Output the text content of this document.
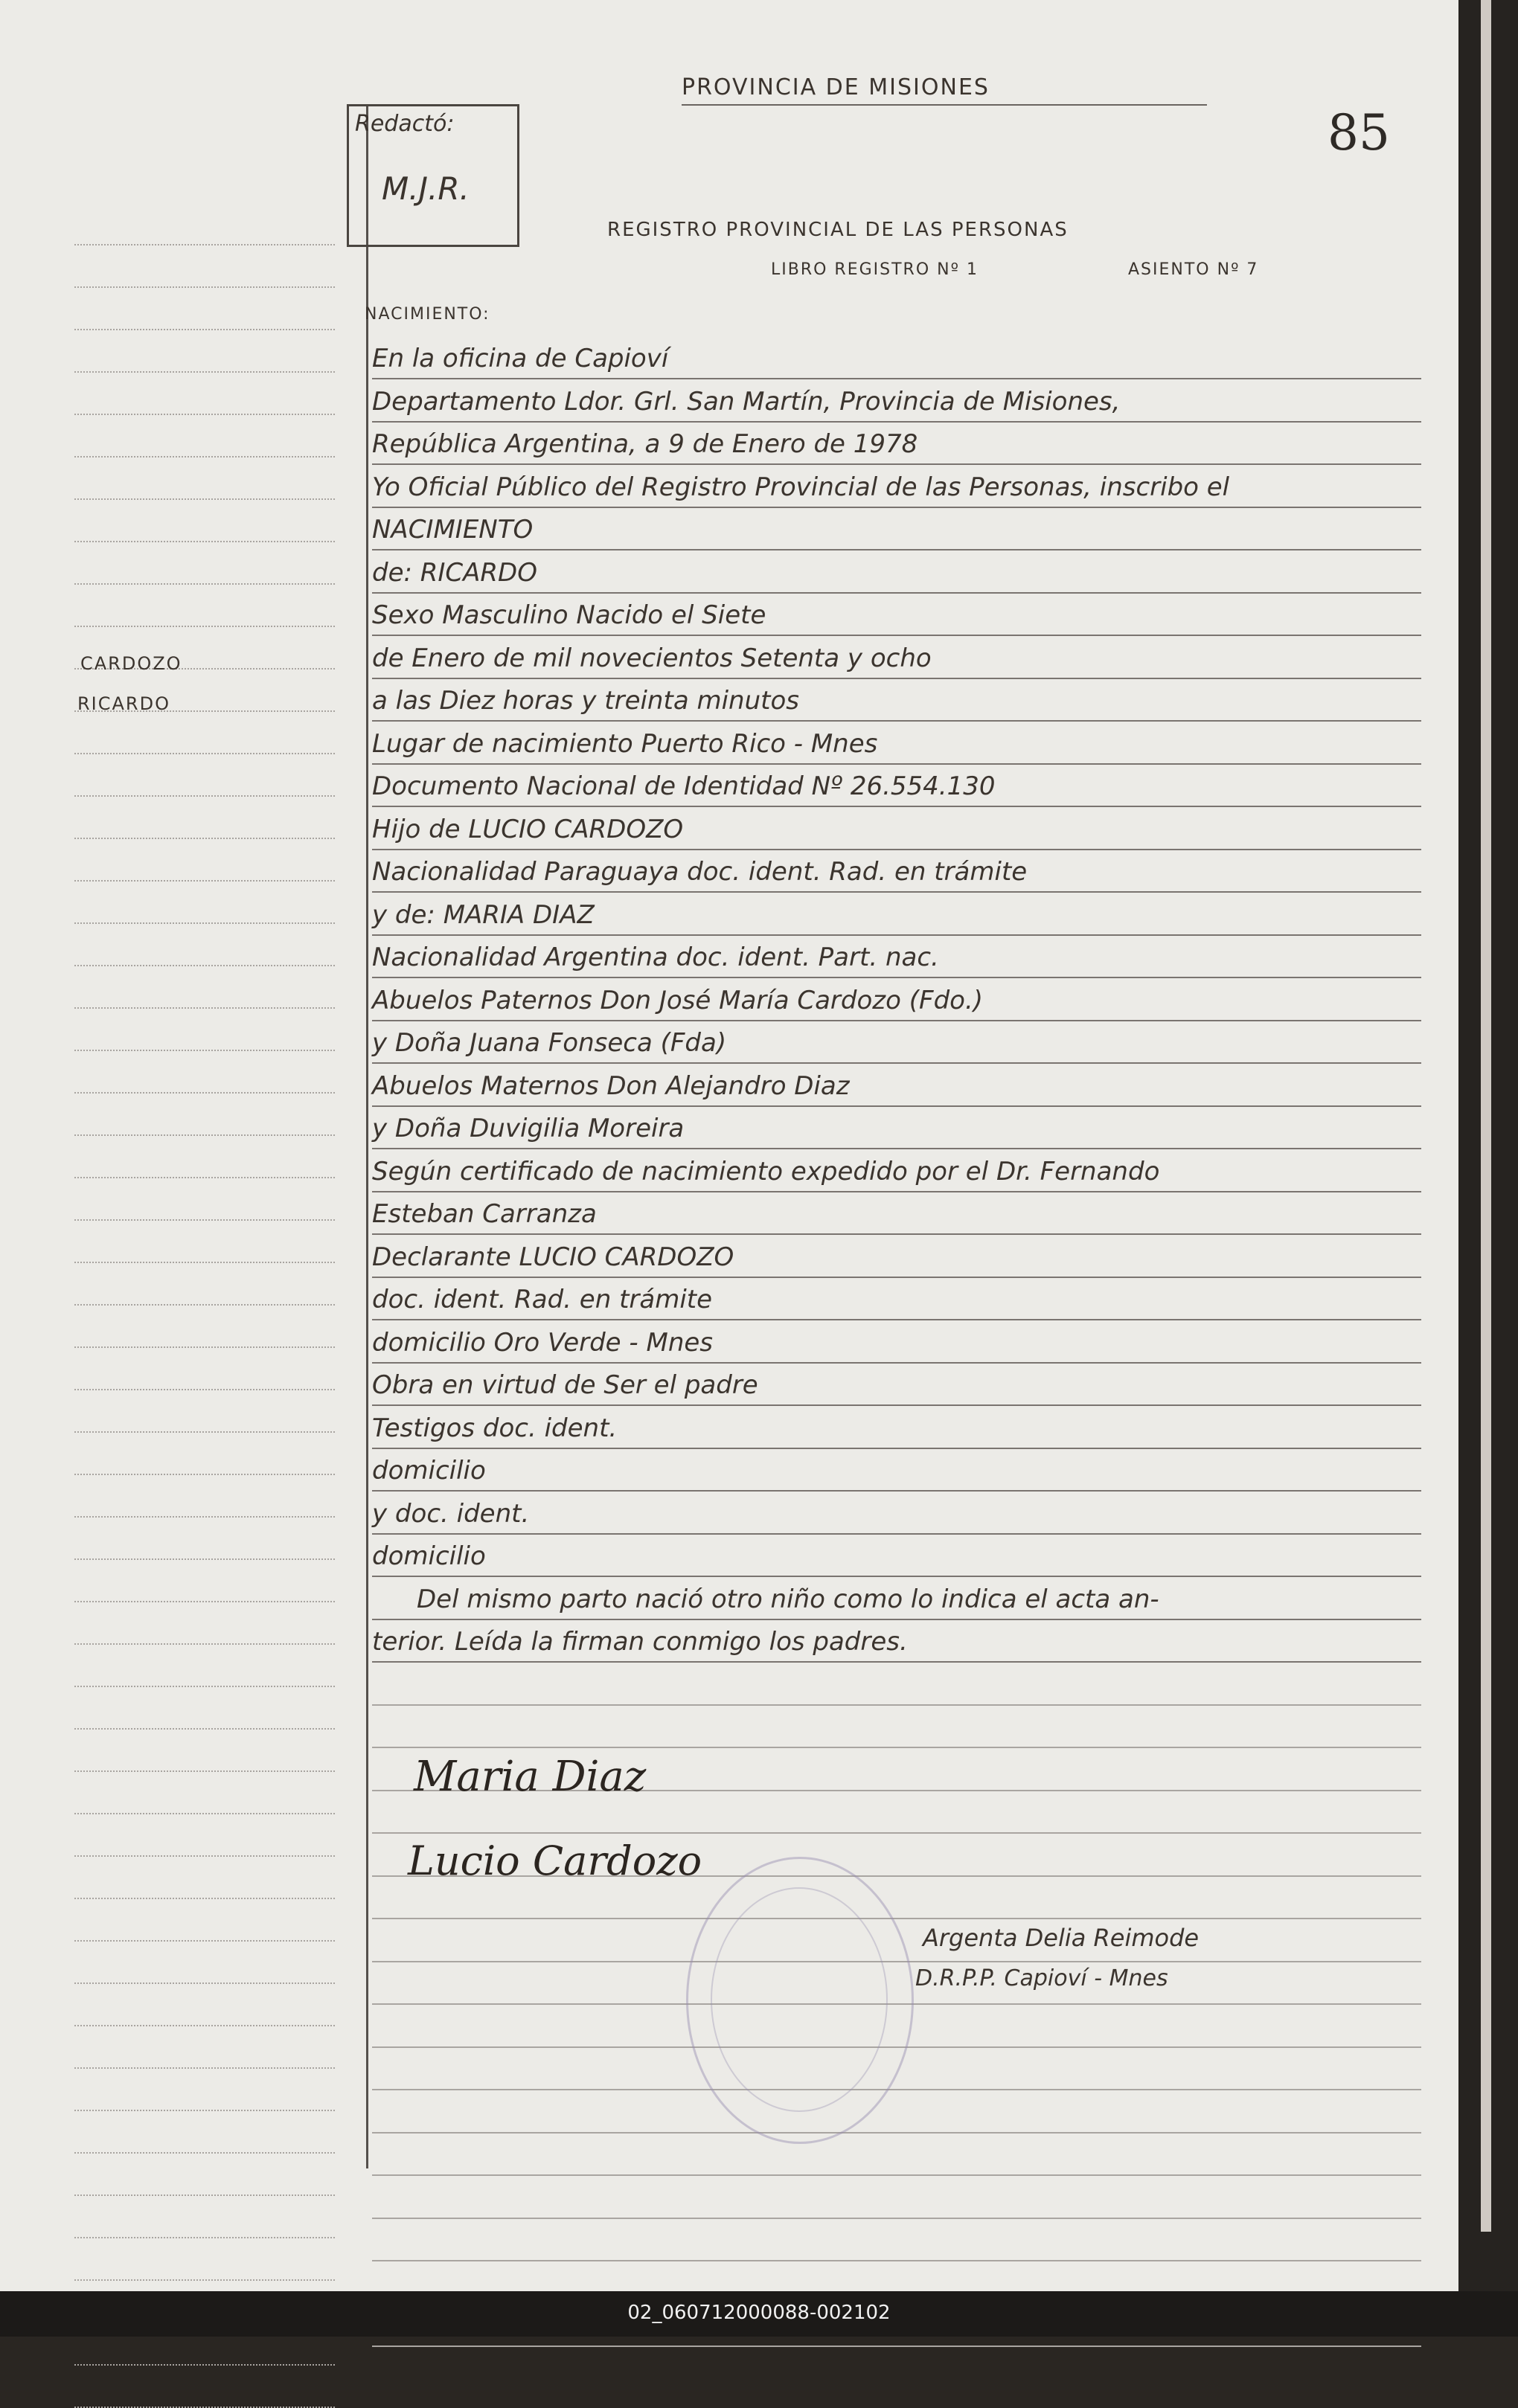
Redactó:
M.J.R.
PROVINCIA DE MISIONES
85
REGISTRO PROVINCIAL DE LAS PERSONAS
LIBRO REGISTRO Nº 1	ASIENTO Nº 7
NACIMIENTO:
CARDOZO
RICARDO
En la oficina de Capioví
Departamento Ldor. Grl. San Martín, Provincia de Misiones,
República Argentina, a 9 de Enero de 1978
Yo Oficial Público del Registro Provincial de las Personas, inscribo el
NACIMIENTO
de: RICARDO
Sexo Masculino Nacido el Siete
de Enero de mil novecientos Setenta y ocho
a las Diez horas y treinta minutos
Lugar de nacimiento Puerto Rico - Mnes
Documento Nacional de Identidad Nº 26.554.130
Hijo de LUCIO CARDOZO
Nacionalidad Paraguaya doc. ident. Rad. en trámite
y de: MARIA DIAZ
Nacionalidad Argentina doc. ident. Part. nac.
Abuelos Paternos Don José María Cardozo (Fdo.)
y Doña Juana Fonseca (Fda)
Abuelos Maternos Don Alejandro Diaz
y Doña Duvigilia Moreira
Según certificado de nacimiento expedido por el Dr. Fernando
Esteban Carranza
Declarante LUCIO CARDOZO
doc. ident. Rad. en trámite
domicilio Oro Verde - Mnes
Obra en virtud de Ser el padre
Testigos doc. ident.
domicilio
y doc. ident.
domicilio
Del mismo parto nació otro niño como lo indica el acta an-
terior. Leída la firman conmigo los padres.
Maria Diaz
Lucio Cardozo
Argenta Delia Reimode
D.R.P.P. Capioví - Mnes
02_060712000088-002102
